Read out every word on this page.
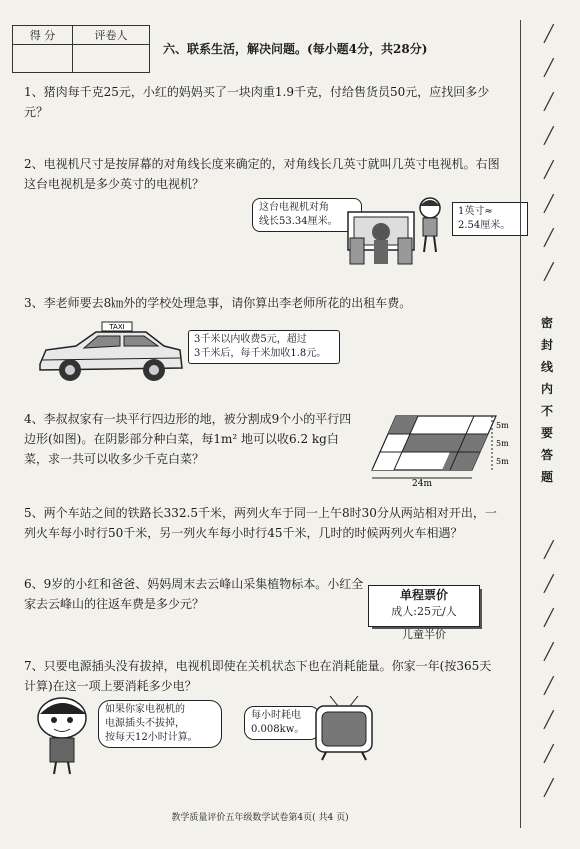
得 分	评卷人

六、联系生活，解决问题。(每小题4分，共28分)
1、猪肉每千克25元，小红的妈妈买了一块肉重1.9千克，付给售货员50元，应找回多少元？
2、电视机尺寸是按屏幕的对角线长度来确定的，对角线长几英寸就叫几英寸电视机。右图这台电视机是多少英寸的电视机？
这台电视机对角
线长53.34厘米。
1英寸≈
2.54厘米。
3、李老师要去8㎞外的学校处理急事，请你算出李老师所花的出租车费。
TAXI
3千米以内收费5元，超过
3千米后，每千米加收1.8元。
4、李叔叔家有一块平行四边形的地，被分割成9个小的平行四边形(如图)。在阴影部分种白菜，每1m² 地可以收6.2 kg白菜，求一共可以收多少千克白菜？
5m
5m
5m
24m
5、两个车站之间的铁路长332.5千米，两列火车于同一上午8时30分从两站相对开出，一列火车每小时行50千米，另一列火车每小时行45千米，几时的时候两列火车相遇？
6、9岁的小红和爸爸、妈妈周末去云峰山采集植物标本。小红全家去云峰山的往返车费是多少元？
单程票价
成人:25元/人
儿童半价
7、只要电源插头没有拔掉，电视机即使在关机状态下也在消耗能量。你家一年(按365天计算)在这一项上要消耗多少电？
如果你家电视机的
电源插头不拔掉，
按每天12小时计算。
每小时耗电
0.008kw。
╱
╱
╱
╱
╱
╱
╱
╱
密
封
线
内
不
要
答
题
╱
╱
╱
╱
╱
╱
╱
╱
教学质量评价五年级数学试卷第4页( 共4 页)
